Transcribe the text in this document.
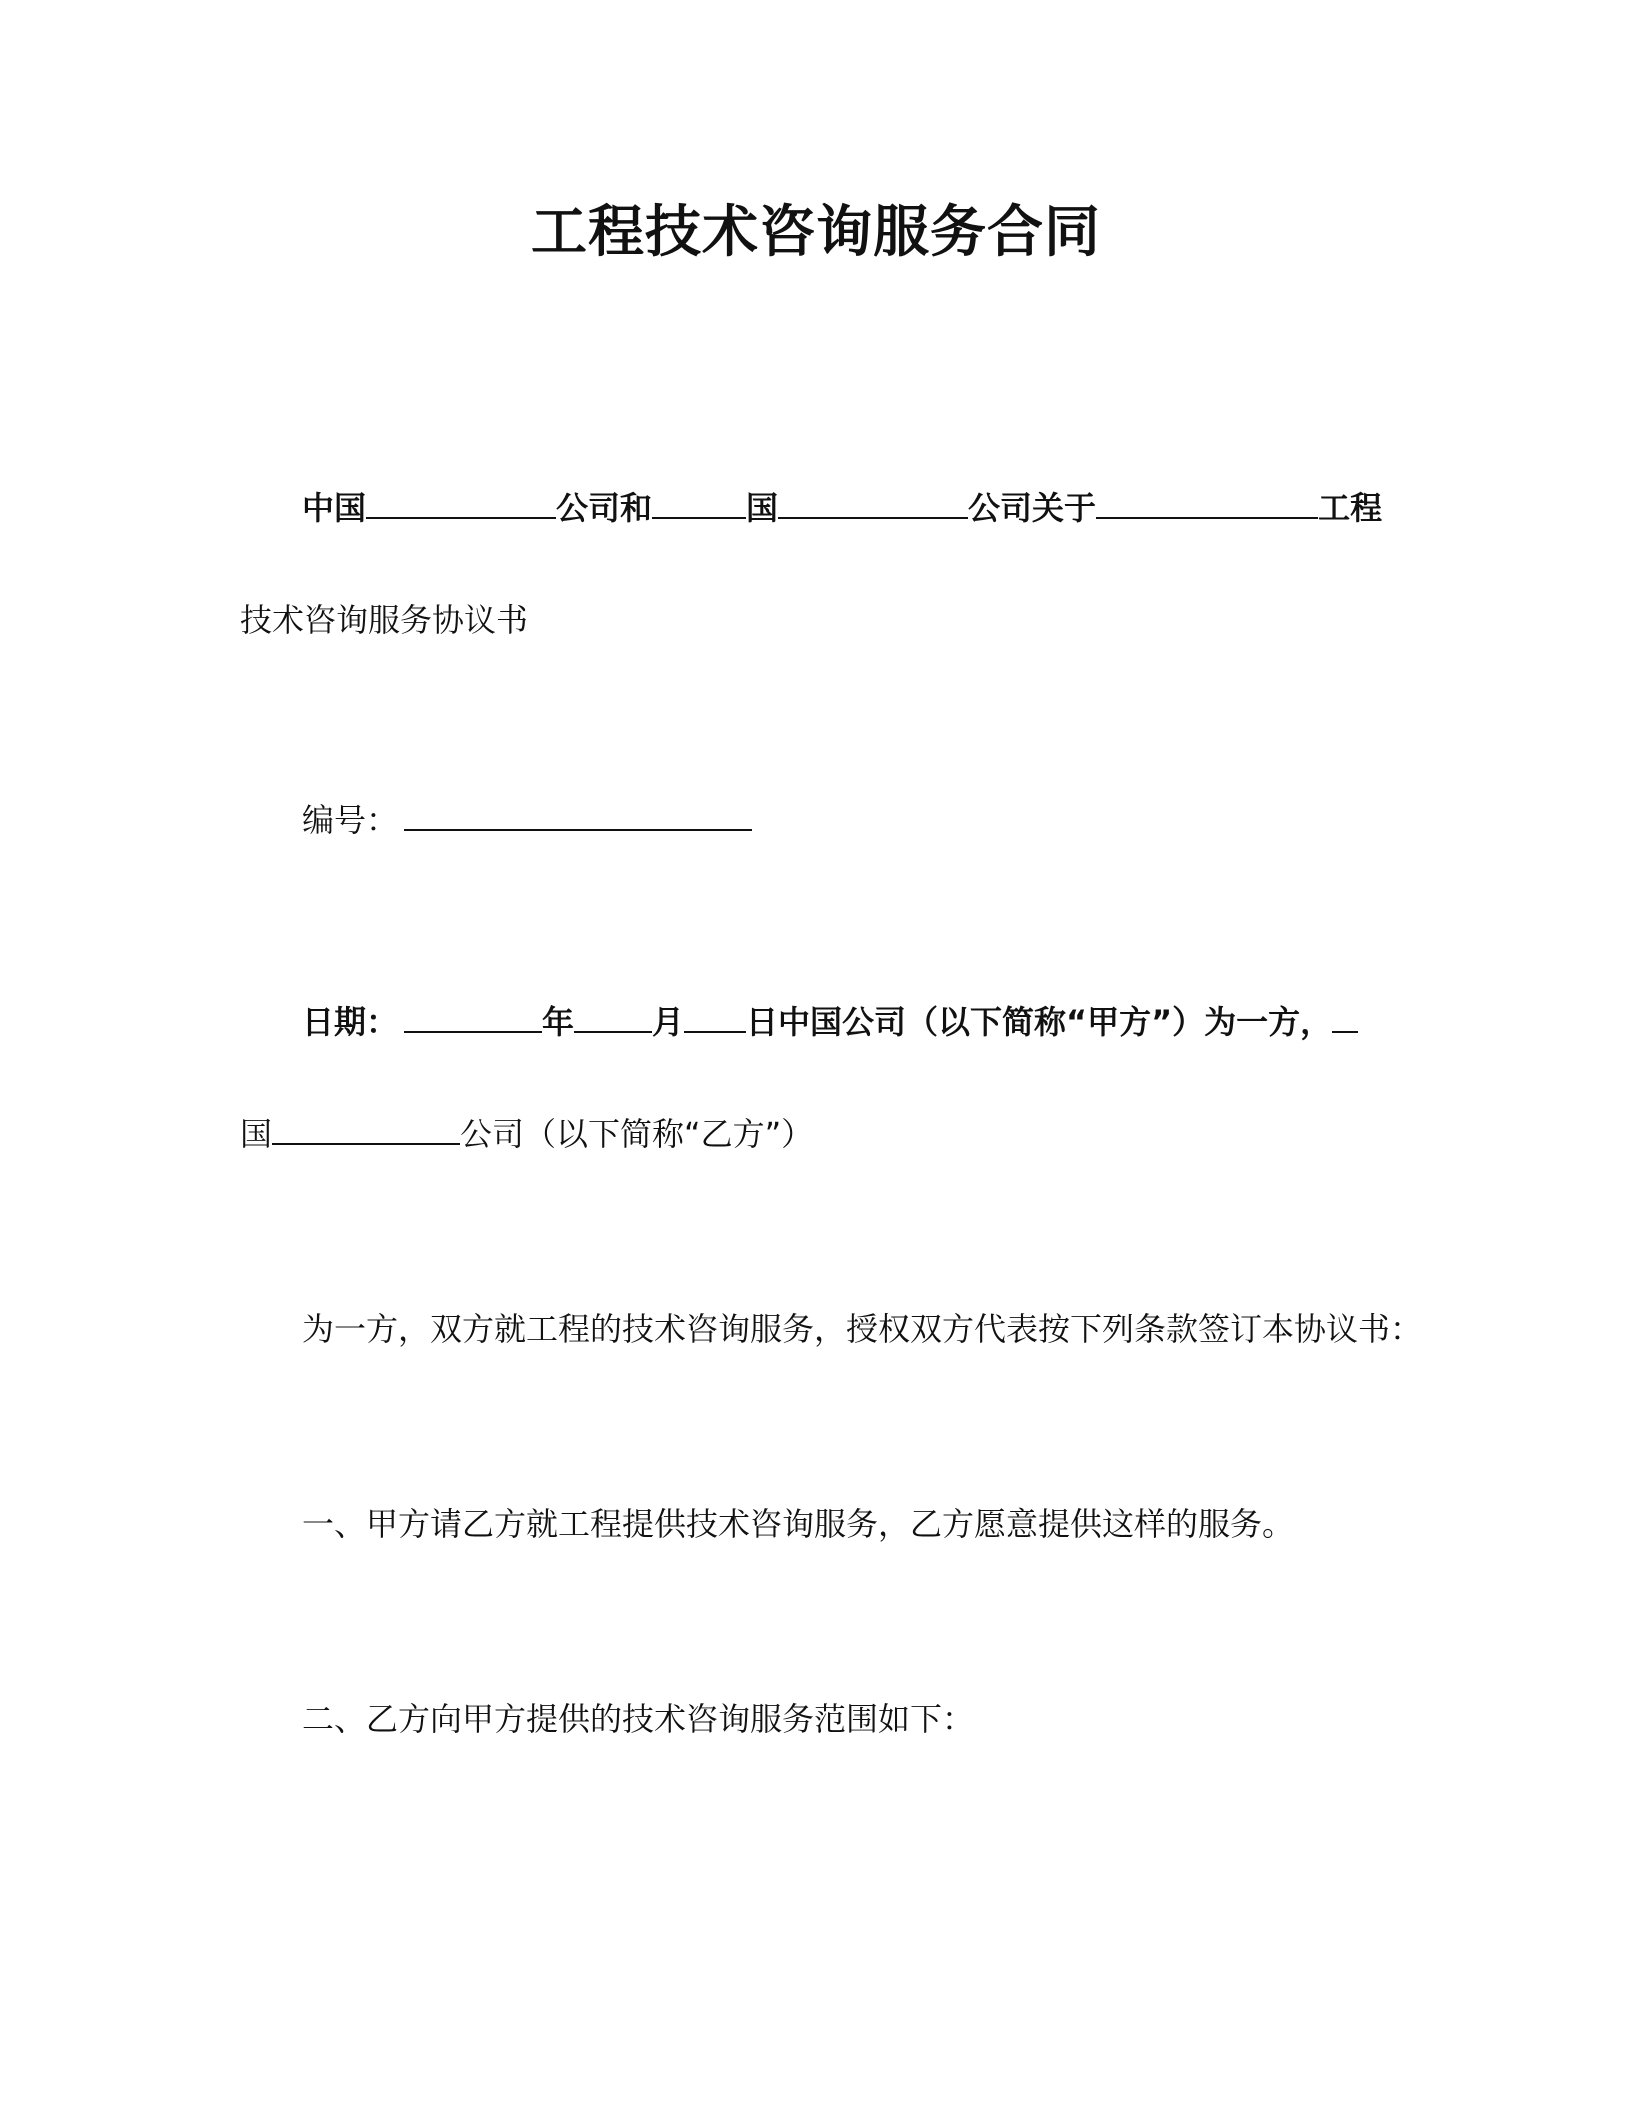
工程技术咨询服务合同
中国	公司和	国	公司关于	工程
技术咨询服务协议书
编号：
日期：	年 月 日中国公司（以下简称“甲方”）为一方，
国	公司（以下简称“乙方”）
为一方，双方就工程的技术咨询服务，授权双方代表按下列条款签订本协议书：
一、甲方请乙方就工程提供技术咨询服务，乙方愿意提供这样的服务。
二、乙方向甲方提供的技术咨询服务范围如下：
